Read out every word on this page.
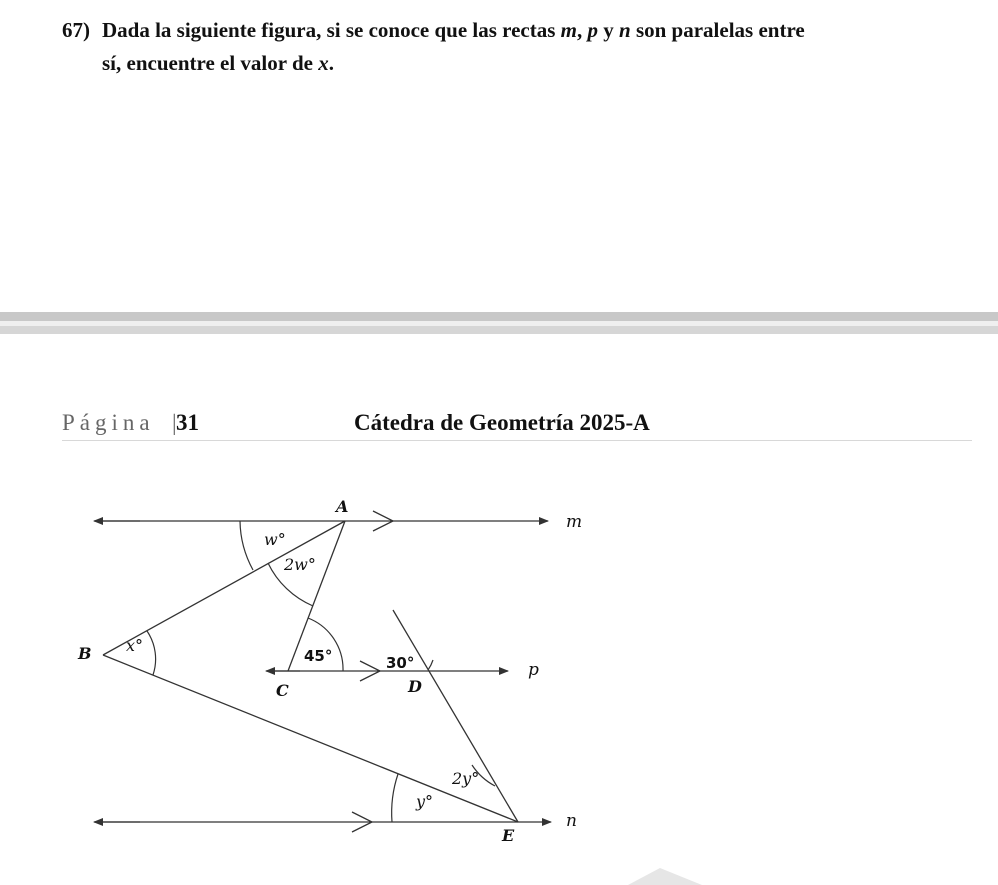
67) Dada la siguiente figura, si se conoce que las rectas m, p y n son paralelas entre
sí, encuentre el valor de x.
Página | 31	Cátedra de Geometría 2025-A
A
B
C	D
E
m
p
n
w°
2w°
x°
45°	30°
2y°
y°
